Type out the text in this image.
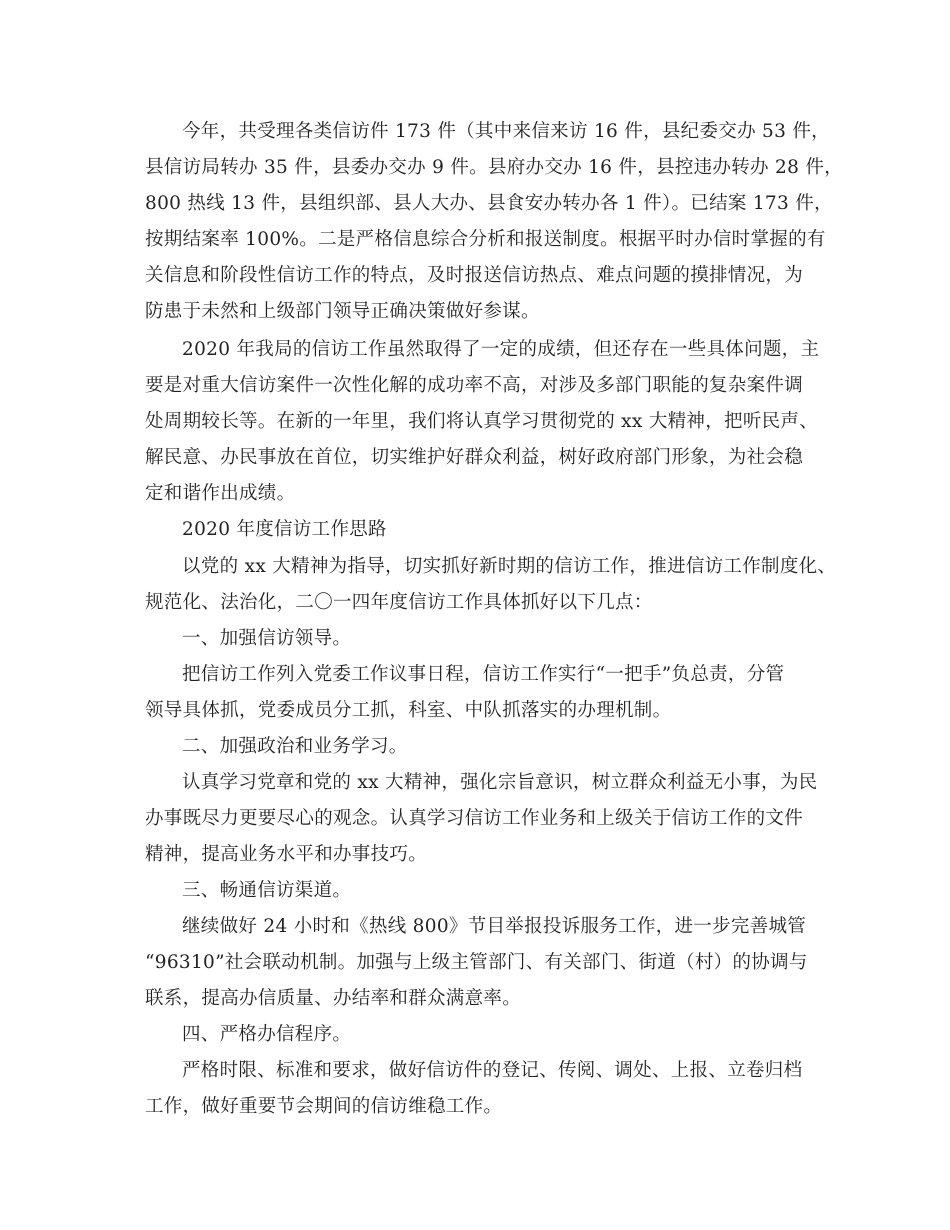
今年，共受理各类信访件 173 件（其中来信来访 16 件，县纪委交办 53 件，
县信访局转办 35 件，县委办交办 9 件。县府办交办 16 件，县控违办转办 28 件，
800 热线 13 件，县组织部、县人大办、县食安办转办各 1 件）。已结案 173 件，
按期结案率 100%。二是严格信息综合分析和报送制度。根据平时办信时掌握的有
关信息和阶段性信访工作的特点，及时报送信访热点、难点问题的摸排情况，为
防患于未然和上级部门领导正确决策做好参谋。
2020 年我局的信访工作虽然取得了一定的成绩，但还存在一些具体问题，主
要是对重大信访案件一次性化解的成功率不高，对涉及多部门职能的复杂案件调
处周期较长等。在新的一年里，我们将认真学习贯彻党的 xx 大精神，把听民声、
解民意、办民事放在首位，切实维护好群众利益，树好政府部门形象，为社会稳
定和谐作出成绩。
2020 年度信访工作思路
以党的 xx 大精神为指导，切实抓好新时期的信访工作，推进信访工作制度化、
规范化、法治化，二〇一四年度信访工作具体抓好以下几点：
一、加强信访领导。
把信访工作列入党委工作议事日程，信访工作实行“一把手”负总责，分管
领导具体抓，党委成员分工抓，科室、中队抓落实的办理机制。
二、加强政治和业务学习。
认真学习党章和党的 xx 大精神，强化宗旨意识，树立群众利益无小事，为民
办事既尽力更要尽心的观念。认真学习信访工作业务和上级关于信访工作的文件
精神，提高业务水平和办事技巧。
三、畅通信访渠道。
继续做好 24 小时和《热线 800》节目举报投诉服务工作，进一步完善城管
“96310”社会联动机制。加强与上级主管部门、有关部门、街道（村）的协调与
联系，提高办信质量、办结率和群众满意率。
四、严格办信程序。
严格时限、标准和要求，做好信访件的登记、传阅、调处、上报、立卷归档
工作，做好重要节会期间的信访维稳工作。
